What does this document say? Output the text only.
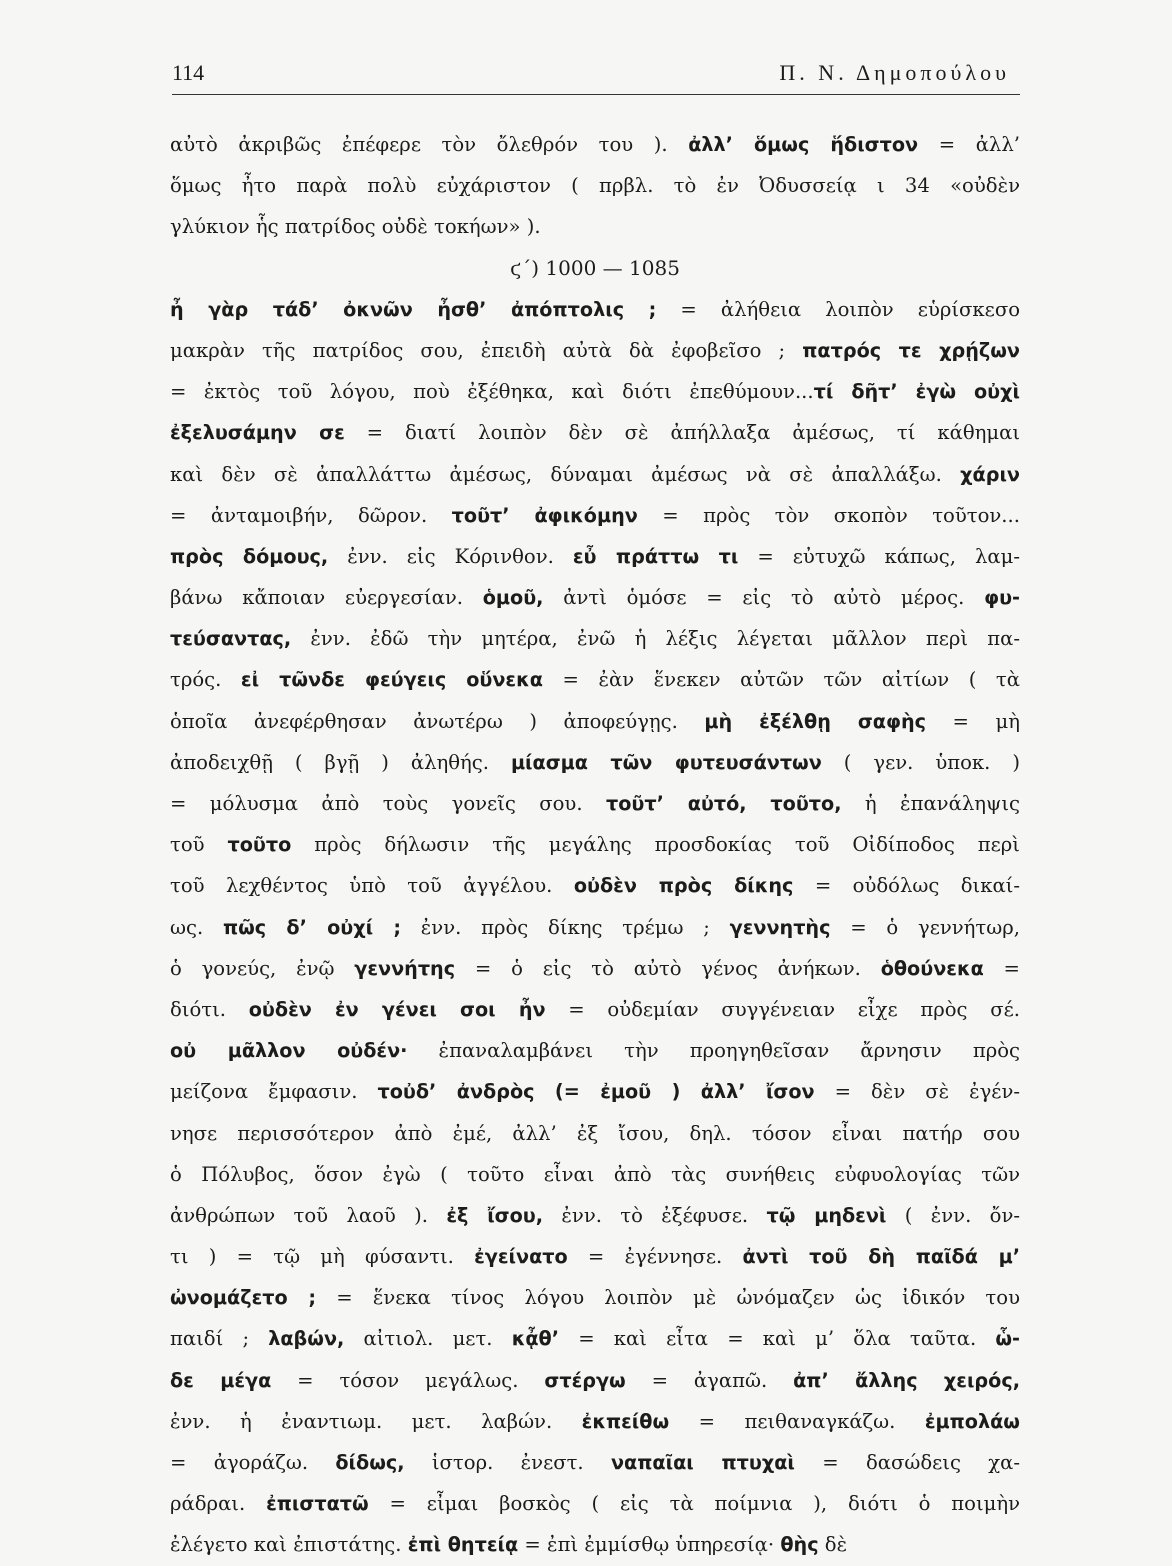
114	Π. Ν. Δημοπούλου
αὐτὸ ἀκριβῶς ἐπέφερε τὸν ὄλεθρόν του ). ἀλλ’ ὅμως ἥδιστον = ἀλλ’
ὅμως ἦτο παρὰ πολὺ εὐχάριστον ( πρβλ. τὸ ἐν Ὀδυσσείᾳ ι 34 «οὐδὲν
γλύκιον ἧς πατρίδος οὐδὲ τοκήων» ).
ϛ΄) 1000 — 1085
ἦ γὰρ τάδ’ ὀκνῶν ἦσθ’ ἀπόπτολις ; = ἀλήθεια λοιπὸν εὑρίσκεσο
μακρὰν τῆς πατρίδος σου, ἐπειδὴ αὐτὰ δὰ ἐφοβεῖσο ; πατρός τε χρῄζων
= ἐκτὸς τοῦ λόγου, ποὺ ἐξέθηκα, καὶ διότι ἐπεθύμουν...τί δῆτ’ ἐγὼ οὐχὶ
ἐξελυσάμην σε = διατί λοιπὸν δὲν σὲ ἀπήλλαξα ἀμέσως, τί κάθημαι
καὶ δὲν σὲ ἀπαλλάττω ἀμέσως, δύναμαι ἀμέσως νὰ σὲ ἀπαλλάξω. χάριν
= ἀνταμοιβήν, δῶρον. τοῦτ’ ἀφικόμην = πρὸς τὸν σκοπὸν τοῦτον...
πρὸς δόμους, ἐνν. εἰς Κόρινθον. εὖ πράττω τι = εὐτυχῶ κάπως, λαμ-
βάνω κἄποιαν εὐεργεσίαν. ὁμοῦ, ἀντὶ ὁμόσε = εἰς τὸ αὐτὸ μέρος. φυ-
τεύσαντας, ἐνν. ἐδῶ τὴν μητέρα, ἐνῶ ἡ λέξις λέγεται μᾶλλον περὶ πα-
τρός. εἰ τῶνδε φεύγεις οὕνεκα = ἐὰν ἕνεκεν αὐτῶν τῶν αἰτίων ( τὰ
ὁποῖα ἀνεφέρθησαν ἀνωτέρω ) ἀποφεύγῃς. μὴ ἐξέλθῃ σαφὴς = μὴ
ἀποδειχθῇ ( βγῇ ) ἀληθής. μίασμα τῶν φυτευσάντων ( γεν. ὑποκ. )
= μόλυσμα ἀπὸ τοὺς γονεῖς σου. τοῦτ’ αὐτό, τοῦτο, ἡ ἐπανάληψις
τοῦ τοῦτο πρὸς δήλωσιν τῆς μεγάλης προσδοκίας τοῦ Οἰδίποδος περὶ
τοῦ λεχθέντος ὑπὸ τοῦ ἀγγέλου. οὐδὲν πρὸς δίκης = οὐδόλως δικαί-
ως. πῶς δ’ οὐχί ; ἐνν. πρὸς δίκης τρέμω ; γεννητὴς = ὁ γεννήτωρ,
ὁ γονεύς, ἐνῷ γεννήτης = ὁ εἰς τὸ αὐτὸ γένος ἀνήκων. ὁθούνεκα =
διότι. οὐδὲν ἐν γένει σοι ἦν = οὐδεμίαν συγγένειαν εἶχε πρὸς σέ.
οὐ μᾶλλον οὐδέν· ἐπαναλαμβάνει τὴν προηγηθεῖσαν ἄρνησιν πρὸς
μείζονα ἔμφασιν. τοὐδ’ ἀνδρὸς (= ἐμοῦ ) ἀλλ’ ἴσον = δὲν σὲ ἐγέν-
νησε περισσότερον ἀπὸ ἐμέ, ἀλλ’ ἐξ ἴσου, δηλ. τόσον εἶναι πατήρ σου
ὁ Πόλυβος, ὅσον ἐγὼ ( τοῦτο εἶναι ἀπὸ τὰς συνήθεις εὐφυολογίας τῶν
ἀνθρώπων τοῦ λαοῦ ). ἐξ ἴσου, ἐνν. τὸ ἐξέφυσε. τῷ μηδενὶ ( ἐνν. ὄν-
τι ) = τῷ μὴ φύσαντι. ἐγείνατο = ἐγέννησε. ἀντὶ τοῦ δὴ παῖδά μ’
ὠνομάζετο ; = ἕνεκα τίνος λόγου λοιπὸν μὲ ὠνόμαζεν ὡς ἰδικόν του
παιδί ; λαβών, αἰτιολ. μετ. κᾆθ’ = καὶ εἶτα = καὶ μ’ ὅλα ταῦτα. ὧ-
δε μέγα = τόσον μεγάλως. στέργω = ἀγαπῶ. ἀπ’ ἄλλης χειρός,
ἐνν. ἡ ἐναντιωμ. μετ. λαβών. ἐκπείθω = πειθαναγκάζω. ἐμπολάω
= ἀγοράζω. δίδως, ἱστορ. ἐνεστ. ναπαῖαι πτυχαὶ = δασώδεις χα-
ράδραι. ἐπιστατῶ = εἶμαι βοσκὸς ( εἰς τὰ ποίμνια ), διότι ὁ ποιμὴν
ἐλέγετο καὶ ἐπιστάτης. ἐπὶ θητείᾳ = ἐπὶ ἐμμίσθῳ ὑπηρεσίᾳ· θὴς δὲ
